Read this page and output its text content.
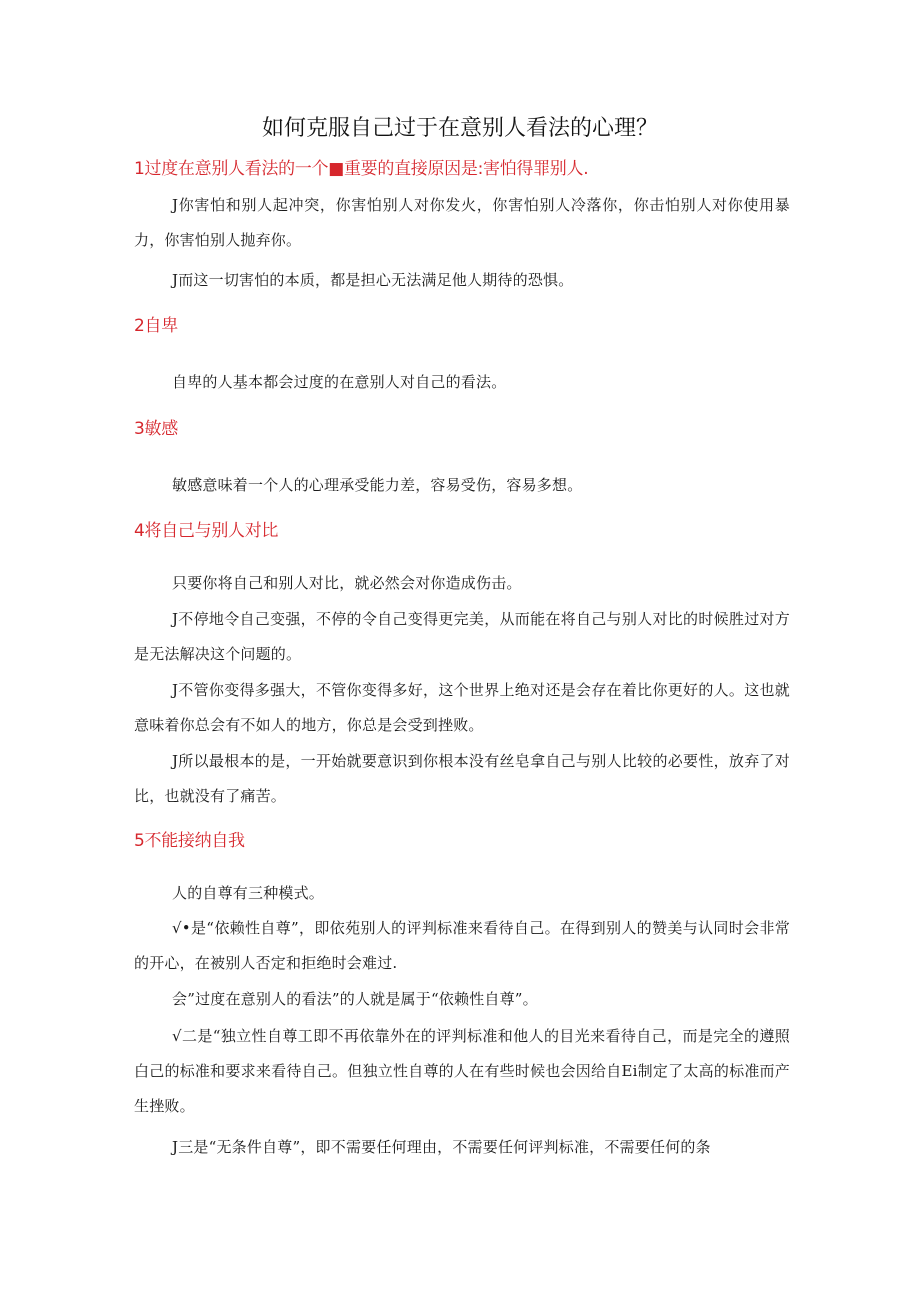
如何克服自己过于在意别人看法的心理？
1过度在意别人看法的一个■重要的直接原因是:害怕得罪别人.
J你害怕和别人起冲突，你害怕别人对你发火，你害怕别人冷落你，你击怕别人对你使用暴力，你害怕别人抛弃你。
J而这一切害怕的本质，都是担心无法满足他人期待的恐惧。
2自卑
自卑的人基本都会过度的在意别人对自己的看法。
3敏感
敏感意味着一个人的心理承受能力差，容易受伤，容易多想。
4将自己与别人对比
只要你将自己和别人对比，就必然会对你造成伤击。
J不停地令自己变强，不停的令自己变得更完美，从而能在将自己与别人对比的时候胜过对方是无法解决这个问题的。
J不管你变得多强大，不管你变得多好，这个世界上绝对还是会存在着比你更好的人。这也就意味着你总会有不如人的地方，你总是会受到挫败。
J所以最根本的是，一开始就要意识到你根本没有丝皂拿自己与别人比较的必要性，放弃了对比，也就没有了痛苦。
5不能接纳自我
人的自尊有三种模式。
√•是“依赖性自尊”，即依苑别人的评判标准来看待自己。在得到别人的赞美与认同时会非常的开心，在被别人否定和拒绝时会难过.
会”过度在意别人的看法”的人就是属于“依赖性自尊”。
√二是“独立性自尊工即不再依靠外在的评判标准和他人的目光来看待自己，而是完全的遵照白己的标准和要求来看待自己。但独立性自尊的人在有些时候也会因给自Ei制定了太高的标准而产生挫败。
J三是“无条件自尊”，即不需要任何理由，不需要任何评判标准，不需要任何的条
